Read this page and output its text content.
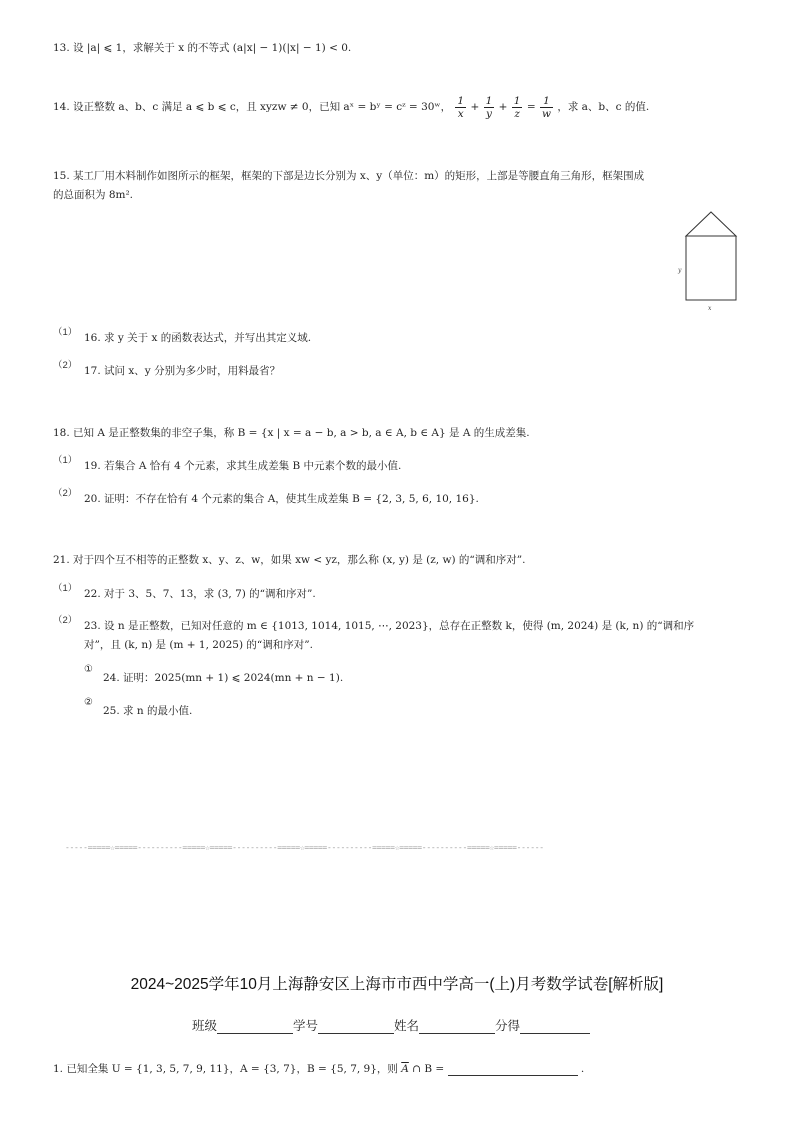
13. 设 |a| ⩽ 1，求解关于 x 的不等式 (a|x| − 1)(|x| − 1) < 0.
14. 设正整数 a、b、c 满足 a ⩽ b ⩽ c，且 xyzw ≠ 0，已知 aˣ = bʸ = cᶻ = 30ʷ， $\frac{1}{x} + \frac{1}{y} + \frac{1}{z} = \frac{1}{w}$ ，求 a、b、c 的值.
15. 某工厂用木料制作如图所示的框架，框架的下部是边长分别为 x、y（单位：m）的矩形，上部是等腰直角三角形，框架围成
的总面积为 8m².
y
x
（1） 16. 求 y 关于 x 的函数表达式，并写出其定义域.
（2） 17. 试问 x、y 分别为多少时，用料最省？
18. 已知 A 是正整数集的非空子集，称 B = {x | x = a − b, a > b, a ∈ A, b ∈ A} 是 A 的生成差集.
（1） 19. 若集合 A 恰有 4 个元素，求其生成差集 B 中元素个数的最小值.
（2） 20. 证明：不存在恰有 4 个元素的集合 A，使其生成差集 B = {2, 3, 5, 6, 10, 16}.
21. 对于四个互不相等的正整数 x、y、z、w，如果 xw < yz，那么称 (x, y) 是 (z, w) 的“调和序对”.
（1） 22. 对于 3、5、7、13，求 (3, 7) 的“调和序对”.
（2） 23. 设 n 是正整数，已知对任意的 m ∈ {1013, 1014, 1015, ⋯, 2023}，总存在正整数 k，使得 (m, 2024) 是 (k, n) 的“调和序
对”，且 (k, n) 是 (m + 1, 2025) 的“调和序对”.
①
24. 证明：2025(mn + 1) ⩽ 2024(mn + n − 1).
②
25. 求 n 的最小值.
-----=====☆=====----------=====☆=====----------=====☆=====----------=====☆=====----------=====☆=====------
2024~2025学年10月上海静安区上海市市西中学高一(上)月考数学试卷[解析版]
班级	学号	姓名	分得
1. 已知全集 U = {1, 3, 5, 7, 9, 11}，A = {3, 7}，B = {5, 7, 9}，则 $\overline{A}$ ∩ B =	.
